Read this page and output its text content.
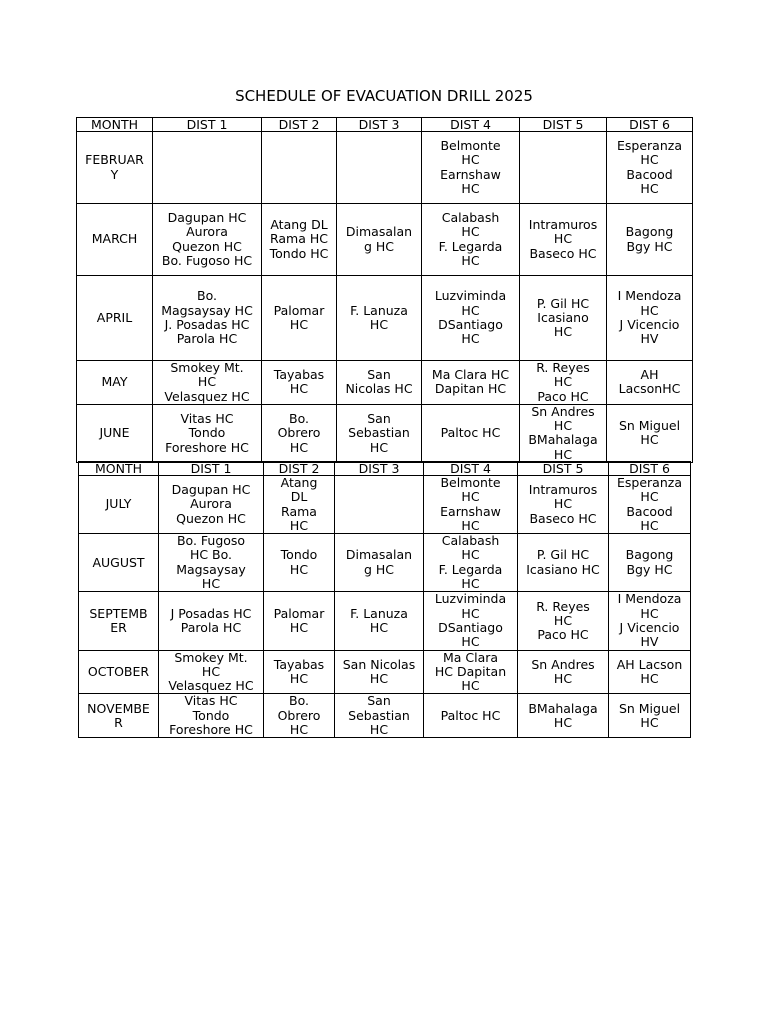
SCHEDULE OF EVACUATION DRILL 2025
MONTH	DIST 1	DIST 2	DIST 3	DIST 4	DIST 5	DIST 6
FEBRUAR
Y				Belmonte
HC
Earnshaw
HC		Esperanza
HC
Bacood
HC
MARCH	Dagupan HC
Aurora
Quezon HC
Bo. Fugoso HC	Atang DL
Rama HC
Tondo HC	Dimasalan
g HC	Calabash
HC
F. Legarda
HC	Intramuros
HC
Baseco HC	Bagong
Bgy HC
APRIL	Bo.
Magsaysay HC
J. Posadas HC
Parola HC	Palomar
HC	F. Lanuza
HC	Luzviminda
HC
DSantiago
HC	P. Gil HC
Icasiano
HC	I Mendoza
HC
J Vicencio
HV
MAY	Smokey Mt.
HC
Velasquez HC	Tayabas
HC	San
Nicolas HC	Ma Clara HC
Dapitan HC	R. Reyes
HC
Paco HC	AH
LacsonHC
JUNE	Vitas HC
Tondo
Foreshore HC	Bo.
Obrero
HC	San
Sebastian
HC	Paltoc HC	Sn Andres
HC
BMahalaga
HC	Sn Miguel
HC
MONTH	DIST 1	DIST 2	DIST 3	DIST 4	DIST 5	DIST 6
JULY	Dagupan HC
Aurora
Quezon HC	Atang
DL
Rama
HC		Belmonte
HC
Earnshaw
HC	Intramuros
HC
Baseco HC	Esperanza
HC
Bacood
HC
AUGUST	Bo. Fugoso
HC Bo.
Magsaysay
HC	Tondo
HC	Dimasalan
g HC	Calabash
HC
F. Legarda
HC	P. Gil HC
Icasiano HC	Bagong
Bgy HC
SEPTEMB
ER	J Posadas HC
Parola HC	Palomar
HC	F. Lanuza
HC	Luzviminda
HC
DSantiago
HC	R. Reyes
HC
Paco HC	I Mendoza
HC
J Vicencio
HV
OCTOBER	Smokey Mt.
HC
Velasquez HC	Tayabas
HC	San Nicolas
HC	Ma Clara
HC Dapitan
HC	Sn Andres
HC	AH Lacson
HC
NOVEMBE
R	Vitas HC
Tondo
Foreshore HC	Bo.
Obrero
HC	San
Sebastian
HC	Paltoc HC	BMahalaga
HC	Sn Miguel
HC
